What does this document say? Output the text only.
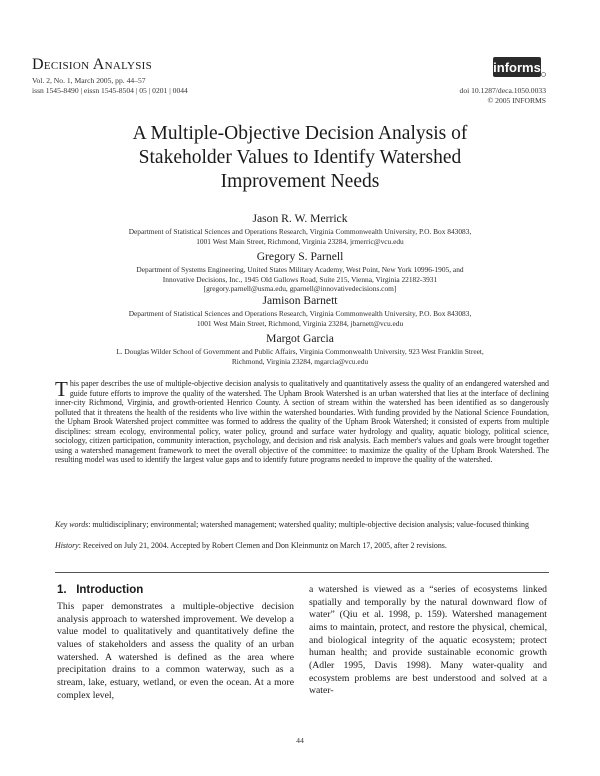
Decision Analysis
Vol. 2, No. 1, March 2005, pp. 44–57
issn 1545-8490 | eissn 1545-8504 | 05 | 0201 | 0044
informs
doi 10.1287/deca.1050.0033
© 2005 INFORMS
A Multiple-Objective Decision Analysis of
Stakeholder Values to Identify Watershed
Improvement Needs
Jason R. W. Merrick
Department of Statistical Sciences and Operations Research, Virginia Commonwealth University, P.O. Box 843083,
1001 West Main Street, Richmond, Virginia 23284, jrmerric@vcu.edu
Gregory S. Parnell
Department of Systems Engineering, United States Military Academy, West Point, New York 10996-1905, and
Innovative Decisions, Inc., 1945 Old Gallows Road, Suite 215, Vienna, Virginia 22182-3931
[gregory.parnell@usma.edu, gparnell@innovativedecisions.com]
Jamison Barnett
Department of Statistical Sciences and Operations Research, Virginia Commonwealth University, P.O. Box 843083,
1001 West Main Street, Richmond, Virginia 23284, jbarnett@vcu.edu
Margot Garcia
L. Douglas Wilder School of Government and Public Affairs, Virginia Commonwealth University, 923 West Franklin Street,
Richmond, Virginia 23284, mgarcia@vcu.edu
This paper describes the use of multiple-objective decision analysis to qualitatively and quantitatively assess the quality of an endangered watershed and guide future efforts to improve the quality of the watershed. The Upham Brook Watershed is an urban watershed that lies at the interface of declining inner-city Richmond, Virginia, and growth-oriented Henrico County. A section of stream within the watershed has been identified as so dangerously polluted that it threatens the health of the residents who live within the watershed boundaries. With funding provided by the National Science Foundation, the Upham Brook Watershed project committee was formed to address the quality of the Upham Brook Watershed; it consisted of experts from multiple disciplines: stream ecology, environmental policy, water policy, ground and surface water hydrology and quality, aquatic biology, political science, sociology, citizen participation, community interaction, psychology, and decision and risk analysis. Each member's values and goals were brought together using a watershed management framework to meet the overall objective of the committee: to maximize the quality of the Upham Brook Watershed. The resulting model was used to identify the largest value gaps and to identify future programs needed to improve the quality of the watershed.
Key words: multidisciplinary; environmental; watershed management; watershed quality; multiple-objective decision analysis; value-focused thinking
History: Received on July 21, 2004. Accepted by Robert Clemen and Don Kleinmuntz on March 17, 2005, after 2 revisions.
1. Introduction
This paper demonstrates a multiple-objective decision analysis approach to watershed improvement. We develop a value model to qualitatively and quantitatively define the values of stakeholders and assess the quality of an urban watershed. A watershed is defined as the area where precipitation drains to a common waterway, such as a stream, lake, estuary, wetland, or even the ocean. At a more complex level,
a watershed is viewed as a “series of ecosystems linked spatially and temporally by the natural downward flow of water” (Qiu et al. 1998, p. 159). Watershed management aims to maintain, protect, and restore the physical, chemical, and biological integrity of the aquatic ecosystem; protect human health; and provide sustainable economic growth (Adler 1995, Davis 1998). Many water-quality and ecosystem problems are best understood and solved at a water-
44
